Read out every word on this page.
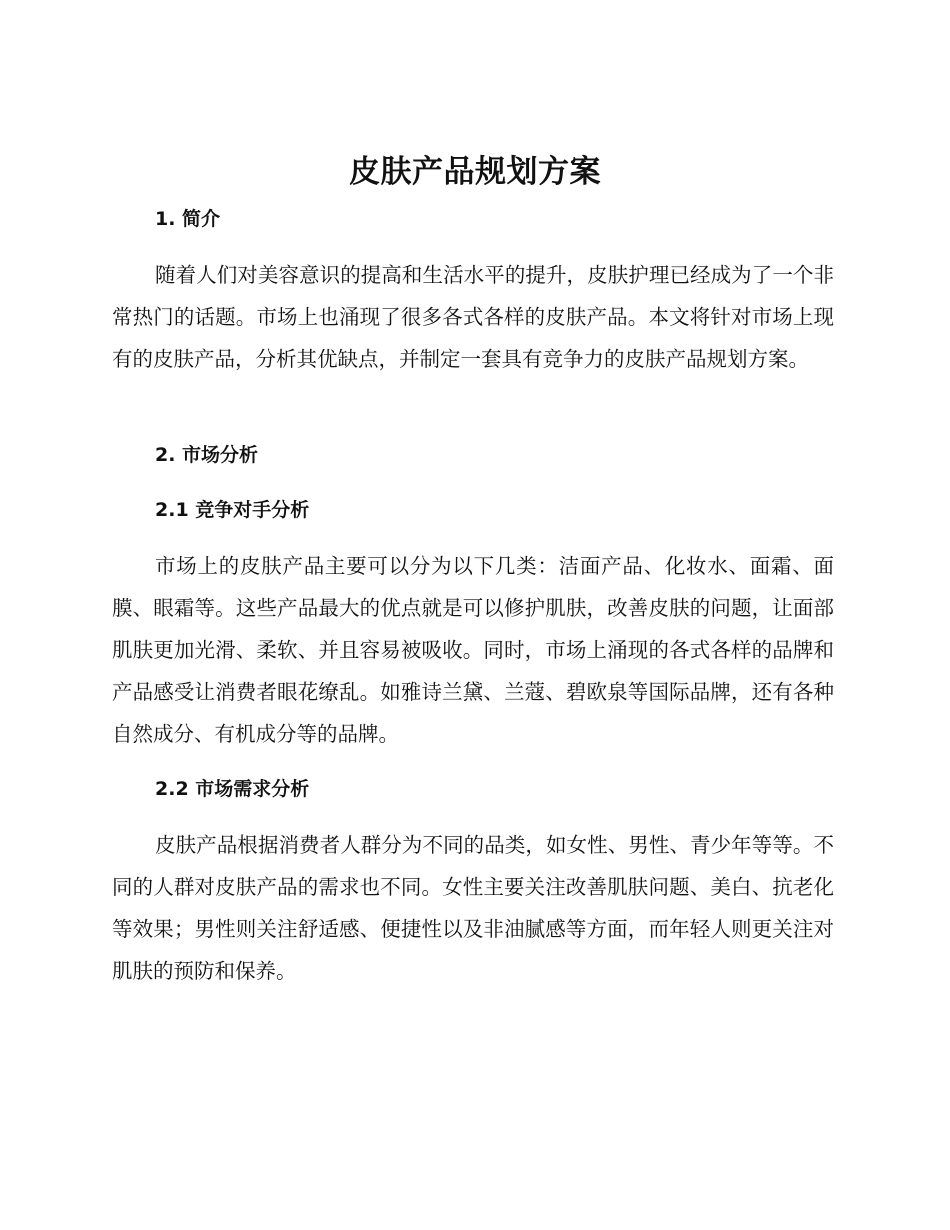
皮肤产品规划方案
1. 简介

随着人们对美容意识的提高和生活水平的提升，皮肤护理已经成为了一个非常热门的话题。市场上也涌现了很多各式各样的皮肤产品。本文将针对市场上现有的皮肤产品，分析其优缺点，并制定一套具有竞争力的皮肤产品规划方案。

2. 市场分析
2.1 竞争对手分析

市场上的皮肤产品主要可以分为以下几类：洁面产品、化妆水、面霜、面膜、眼霜等。这些产品最大的优点就是可以修护肌肤，改善皮肤的问题，让面部肌肤更加光滑、柔软、并且容易被吸收。同时，市场上涌现的各式各样的品牌和产品感受让消费者眼花缭乱。如雅诗兰黛、兰蔻、碧欧泉等国际品牌，还有各种自然成分、有机成分等的品牌。

2.2 市场需求分析

皮肤产品根据消费者人群分为不同的品类，如女性、男性、青少年等等。不同的人群对皮肤产品的需求也不同。女性主要关注改善肌肤问题、美白、抗老化等效果；男性则关注舒适感、便捷性以及非油腻感等方面，而年轻人则更关注对肌肤的预防和保养。
